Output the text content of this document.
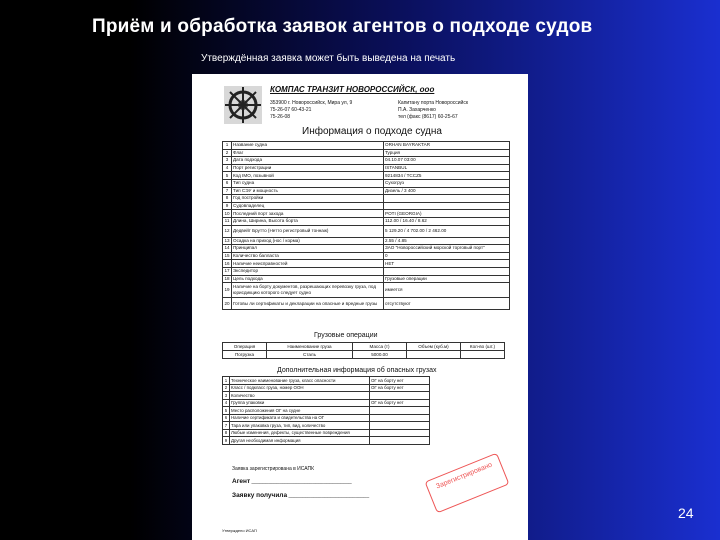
Приём и обработка заявок агентов о подходе судов
Утверждённая заявка может быть выведена на печать
КОМПАС ТРАНЗИТ НОВОРОССИЙСК, ооо
353900 г. Новороссийск, Мира ул, 9
75-26-07 60-43-21
75-26-08
Капитану порта Новороссийск
П.А. Захарченко
тел (факс (8617) 60-25-67
Информация о подходе судна
1	Название судна	ORHAN BAYRAKTAR
2	Флаг	Турция
3	Дата подхода	04.10.07 03:00
4	Порт регистрации	ISTANBUL
5	Код IMO, позывной	9214834 / TCCZ5
6	Тип судна	Сухогруз
7	Тип СЭУ и мощность	Дизель / 3 400
8	Год постройки	
9	Судовладелец	
10	Последний порт захода	POTI (GEORGIA)
11	Длина, Ширина, Высота борта	112.00 / 16.40 / 8.62
12	Дедвейт Брутто (Нетто регистровый тоннаж)	5 129.20 / 4 702.00 / 2 462.00
13	Осадка на приход (нос / корма)	2.55 / 4.85
14	Принципал	ЗАО "Новороссийский морской торговый порт"
15	Количество балласта	0
16	Наличие неисправностей	НЕТ
17	Экспедитор	
18	Цель подхода	Грузовые операции
19	Наличие на борту документов, разрешающих перевозку груза, под юрисдикцию которого следует судно	имеется
20	Готовы ли сертификаты и декларации на опасные и вредные грузы	отсутствуют
Грузовые операции
Операция	Наименование груза	Масса (т)	Объем (куб.м)	Кол-во (шт.)
Погрузка	Сталь	5000.00		
Дополнительная информация об опасных грузах
1	Техническое наименование груза, класс опасности	ОГ на борту нет
2	Класс / подкласс груза, номер ООН	ОГ на борту нет
3	Количество	
4	Группа упаковки	ОГ на борту нет
5	Место расположения ОГ на судне	
6	Наличие сертификата и свидетельства на ОГ	
7	Тара или упаковка груза, тип, вид, количество	
8	Любые изменения, дефекты, существенные повреждения	
9	Другая необходимая информация	
Заявка зарегистрирована в ИСАПК
Агент ____________________________________
Заявку получила _____________________________
Зарегистрировано
Утверждено ИСАП
24
